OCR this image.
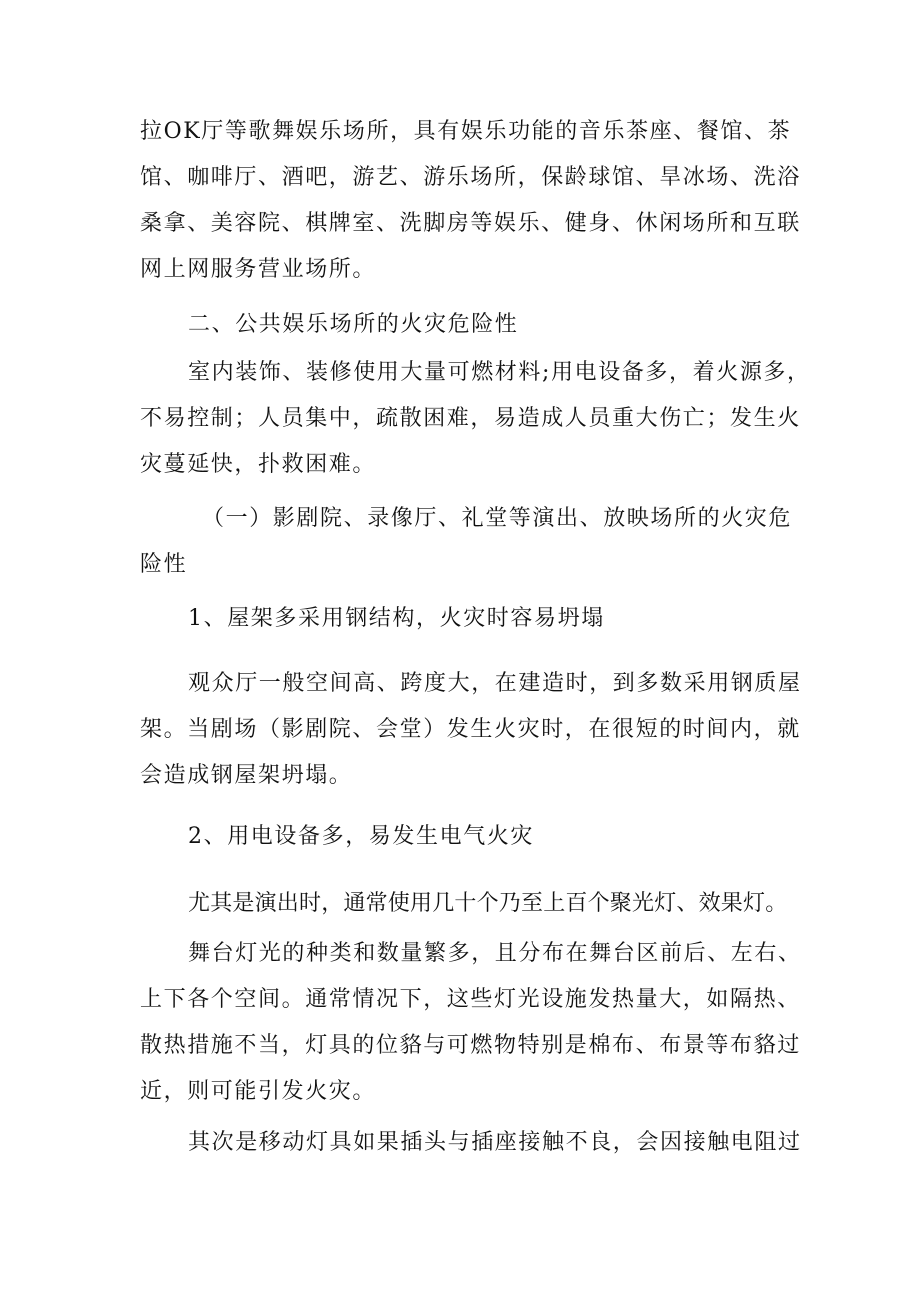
拉OK厅等歌舞娱乐场所，具有娱乐功能的音乐茶座、餐馆、茶
馆、咖啡厅、酒吧，游艺、游乐场所，保龄球馆、旱冰场、洗浴
桑拿、美容院、棋牌室、洗脚房等娱乐、健身、休闲场所和互联
网上网服务营业场所。
二、公共娱乐场所的火灾危险性
室内装饰、装修使用大量可燃材料;用电设备多，着火源多，
不易控制；人员集中，疏散困难，易造成人员重大伤亡；发生火
灾蔓延快，扑救困难。
（一）影剧院、录像厅、礼堂等演出、放映场所的火灾危
险性
1、屋架多采用钢结构，火灾时容易坍塌
观众厅一般空间高、跨度大，在建造时，到多数采用钢质屋
架。当剧场（影剧院、会堂）发生火灾时，在很短的时间内，就
会造成钢屋架坍塌。
2、用电设备多，易发生电气火灾
尤其是演出时，通常使用几十个乃至上百个聚光灯、效果灯。
舞台灯光的种类和数量繁多，且分布在舞台区前后、左右、
上下各个空间。通常情况下，这些灯光设施发热量大，如隔热、
散热措施不当，灯具的位貉与可燃物特别是棉布、布景等布貉过
近，则可能引发火灾。
其次是移动灯具如果插头与插座接触不良，会因接触电阻过
